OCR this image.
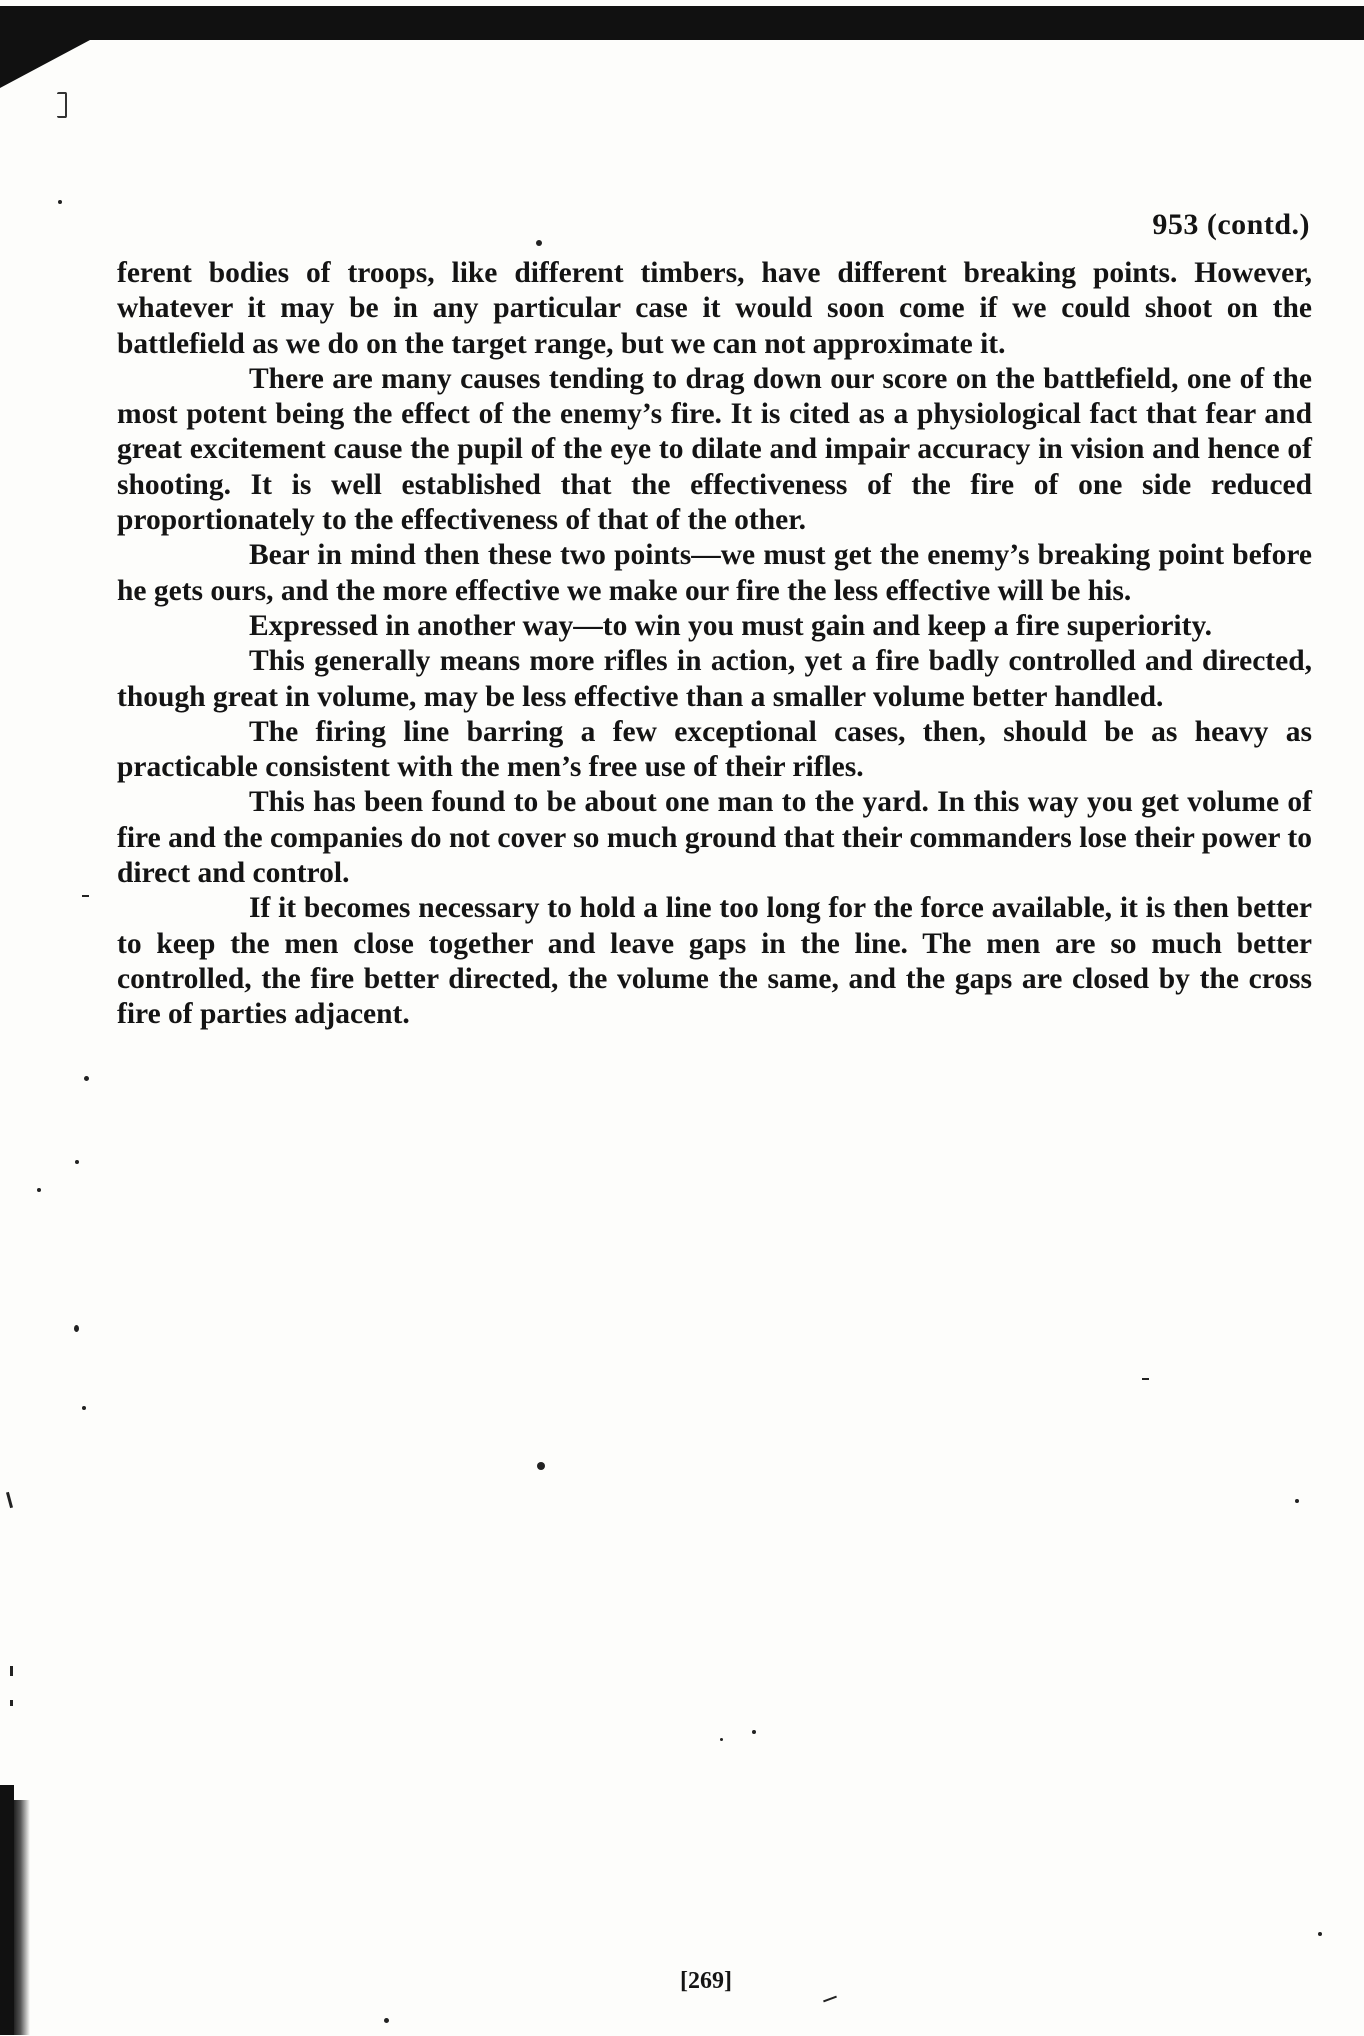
953 (contd.)

ferent bodies of troops, like different timbers, have different breaking points. However, whatever it may be in any particular case it would soon come if we could shoot on the battlefield as we do on the target range, but we can not approximate it.

There are many causes tending to drag down our score on the battlefield, one of the most potent being the effect of the enemy’s fire. It is cited as a physiological fact that fear and great excitement cause the pupil of the eye to dilate and impair accuracy in vision and hence of shooting. It is well established that the effectiveness of the fire of one side reduced proportionately to the effectiveness of that of the other.

Bear in mind then these two points—we must get the enemy’s breaking point before he gets ours, and the more effective we make our fire the less effective will be his.

Expressed in another way—to win you must gain and keep a fire superiority.

This generally means more rifles in action, yet a fire badly controlled and directed, though great in volume, may be less effective than a smaller volume better handled.

The firing line barring a few exceptional cases, then, should be as heavy as practicable consistent with the men’s free use of their rifles.

This has been found to be about one man to the yard. In this way you get volume of fire and the companies do not cover so much ground that their commanders lose their power to direct and control.

If it becomes necessary to hold a line too long for the force available, it is then better to keep the men close together and leave gaps in the line. The men are so much better controlled, the fire better directed, the volume the same, and the gaps are closed by the cross fire of parties adjacent.

[269]
